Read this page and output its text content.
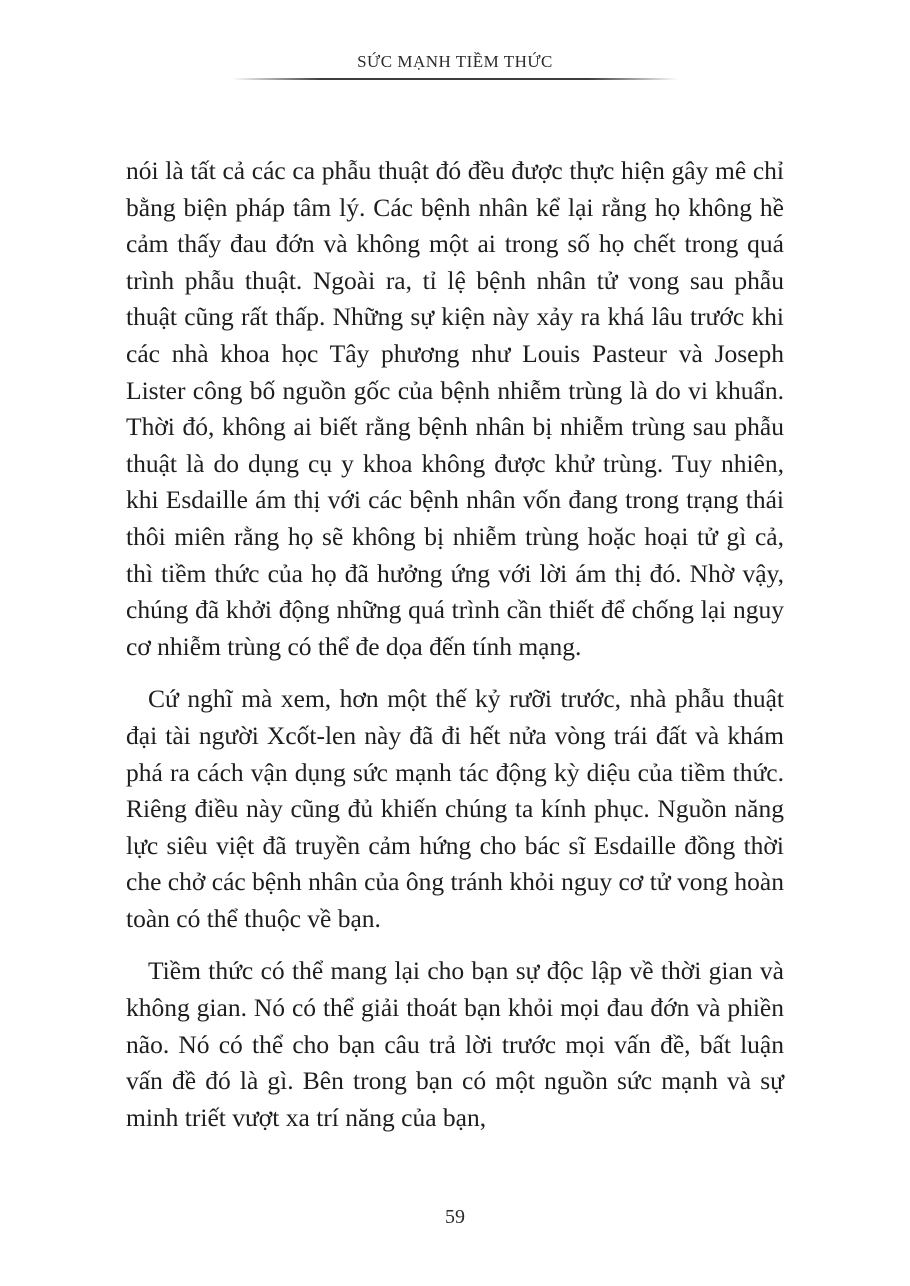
SỨC MẠNH TIỀM THỨC

nói là tất cả các ca phẫu thuật đó đều được thực hiện gây mê chỉ bằng biện pháp tâm lý. Các bệnh nhân kể lại rằng họ không hề cảm thấy đau đớn và không một ai trong số họ chết trong quá trình phẫu thuật. Ngoài ra, tỉ lệ bệnh nhân tử vong sau phẫu thuật cũng rất thấp. Những sự kiện này xảy ra khá lâu trước khi các nhà khoa học Tây phương như Louis Pasteur và Joseph Lister công bố nguồn gốc của bệnh nhiễm trùng là do vi khuẩn. Thời đó, không ai biết rằng bệnh nhân bị nhiễm trùng sau phẫu thuật là do dụng cụ y khoa không được khử trùng. Tuy nhiên, khi Esdaille ám thị với các bệnh nhân vốn đang trong trạng thái thôi miên rằng họ sẽ không bị nhiễm trùng hoặc hoại tử gì cả, thì tiềm thức của họ đã hưởng ứng với lời ám thị đó. Nhờ vậy, chúng đã khởi động những quá trình cần thiết để chống lại nguy cơ nhiễm trùng có thể đe dọa đến tính mạng.

Cứ nghĩ mà xem, hơn một thế kỷ rưỡi trước, nhà phẫu thuật đại tài người Xcốt-len này đã đi hết nửa vòng trái đất và khám phá ra cách vận dụng sức mạnh tác động kỳ diệu của tiềm thức. Riêng điều này cũng đủ khiến chúng ta kính phục. Nguồn năng lực siêu việt đã truyền cảm hứng cho bác sĩ Esdaille đồng thời che chở các bệnh nhân của ông tránh khỏi nguy cơ tử vong hoàn toàn có thể thuộc về bạn.

Tiềm thức có thể mang lại cho bạn sự độc lập về thời gian và không gian. Nó có thể giải thoát bạn khỏi mọi đau đớn và phiền não. Nó có thể cho bạn câu trả lời trước mọi vấn đề, bất luận vấn đề đó là gì. Bên trong bạn có một nguồn sức mạnh và sự minh triết vượt xa trí năng của bạn,

59
